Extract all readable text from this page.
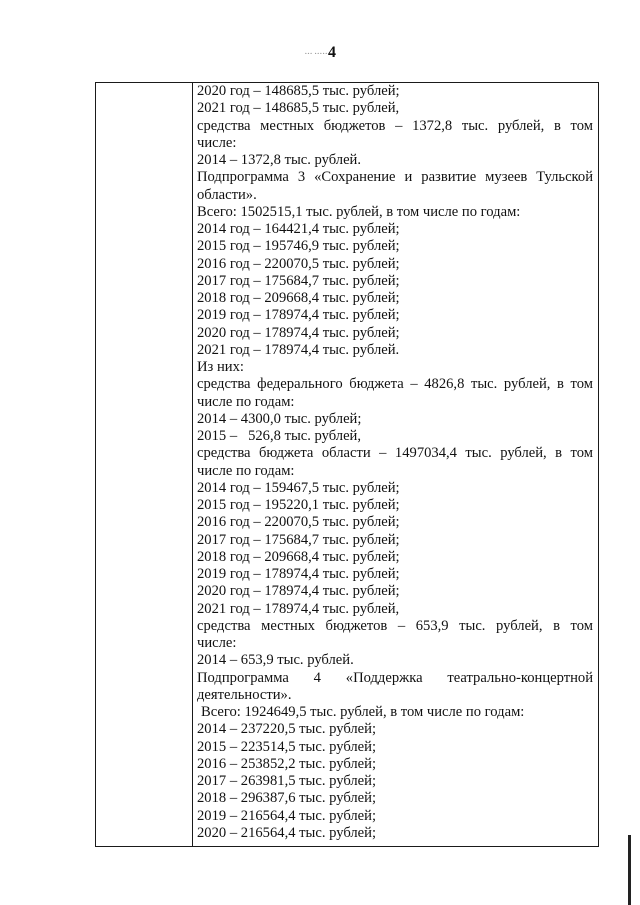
··· ·····4
2020 год – 148685,5 тыс. рублей;
2021 год – 148685,5 тыс. рублей,
средства местных бюджетов – 1372,8 тыс. рублей, в том
числе:
2014 – 1372,8 тыс. рублей.
Подпрограмма 3 «Сохранение и развитие музеев Тульской
области».
Всего: 1502515,1 тыс. рублей, в том числе по годам:
2014 год – 164421,4 тыс. рублей;
2015 год – 195746,9 тыс. рублей;
2016 год – 220070,5 тыс. рублей;
2017 год – 175684,7 тыс. рублей;
2018 год – 209668,4 тыс. рублей;
2019 год – 178974,4 тыс. рублей;
2020 год – 178974,4 тыс. рублей;
2021 год – 178974,4 тыс. рублей.
Из них:
средства федерального бюджета – 4826,8 тыс. рублей, в том
числе по годам:
2014 – 4300,0 тыс. рублей;
2015 –   526,8 тыс. рублей,
средства бюджета области – 1497034,4 тыс. рублей, в том
числе по годам:
2014 год – 159467,5 тыс. рублей;
2015 год – 195220,1 тыс. рублей;
2016 год – 220070,5 тыс. рублей;
2017 год – 175684,7 тыс. рублей;
2018 год – 209668,4 тыс. рублей;
2019 год – 178974,4 тыс. рублей;
2020 год – 178974,4 тыс. рублей;
2021 год – 178974,4 тыс. рублей,
средства местных бюджетов – 653,9 тыс. рублей, в том
числе:
2014 – 653,9 тыс. рублей.
Подпрограмма 4 «Поддержка театрально-концертной
деятельности».
Всего: 1924649,5 тыс. рублей, в том числе по годам:
2014 – 237220,5 тыс. рублей;
2015 – 223514,5 тыс. рублей;
2016 – 253852,2 тыс. рублей;
2017 – 263981,5 тыс. рублей;
2018 – 296387,6 тыс. рублей;
2019 – 216564,4 тыс. рублей;
2020 – 216564,4 тыс. рублей;
